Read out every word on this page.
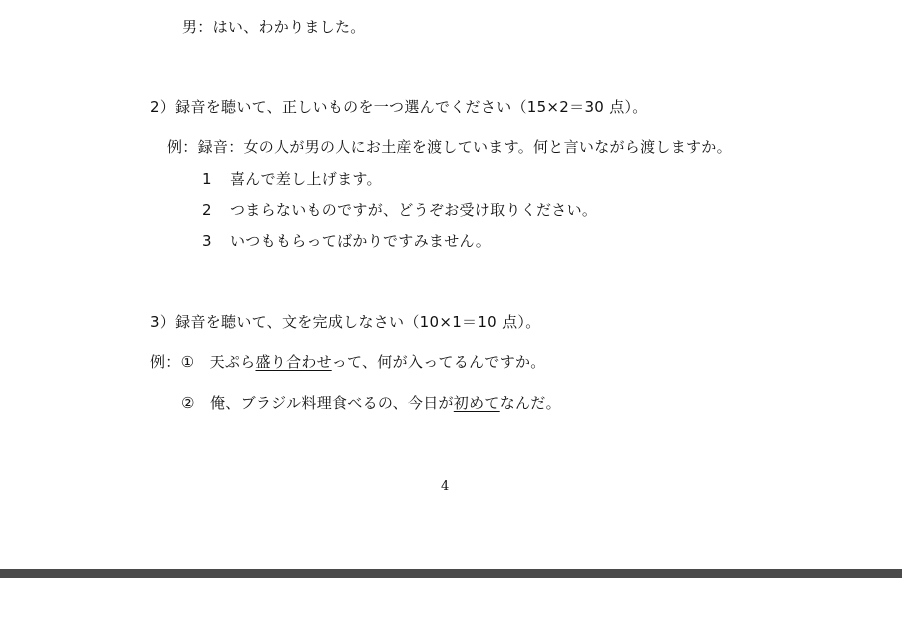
男：はい、わかりました。
2）録音を聴いて、正しいものを一つ選んでください（15×2＝30 点）。
例：録音：女の人が男の人にお土産を渡しています。何と言いながら渡しますか。
1 喜んで差し上げます。
2 つまらないものですが、どうぞお受け取りください。
3 いつももらってばかりですみません。
3）録音を聴いて、文を完成しなさい（10×1＝10 点）。
例：① 天ぷら盛り合わせって、何が入ってるんですか。
② 俺、ブラジル料理食べるの、今日が初めてなんだ。
4
